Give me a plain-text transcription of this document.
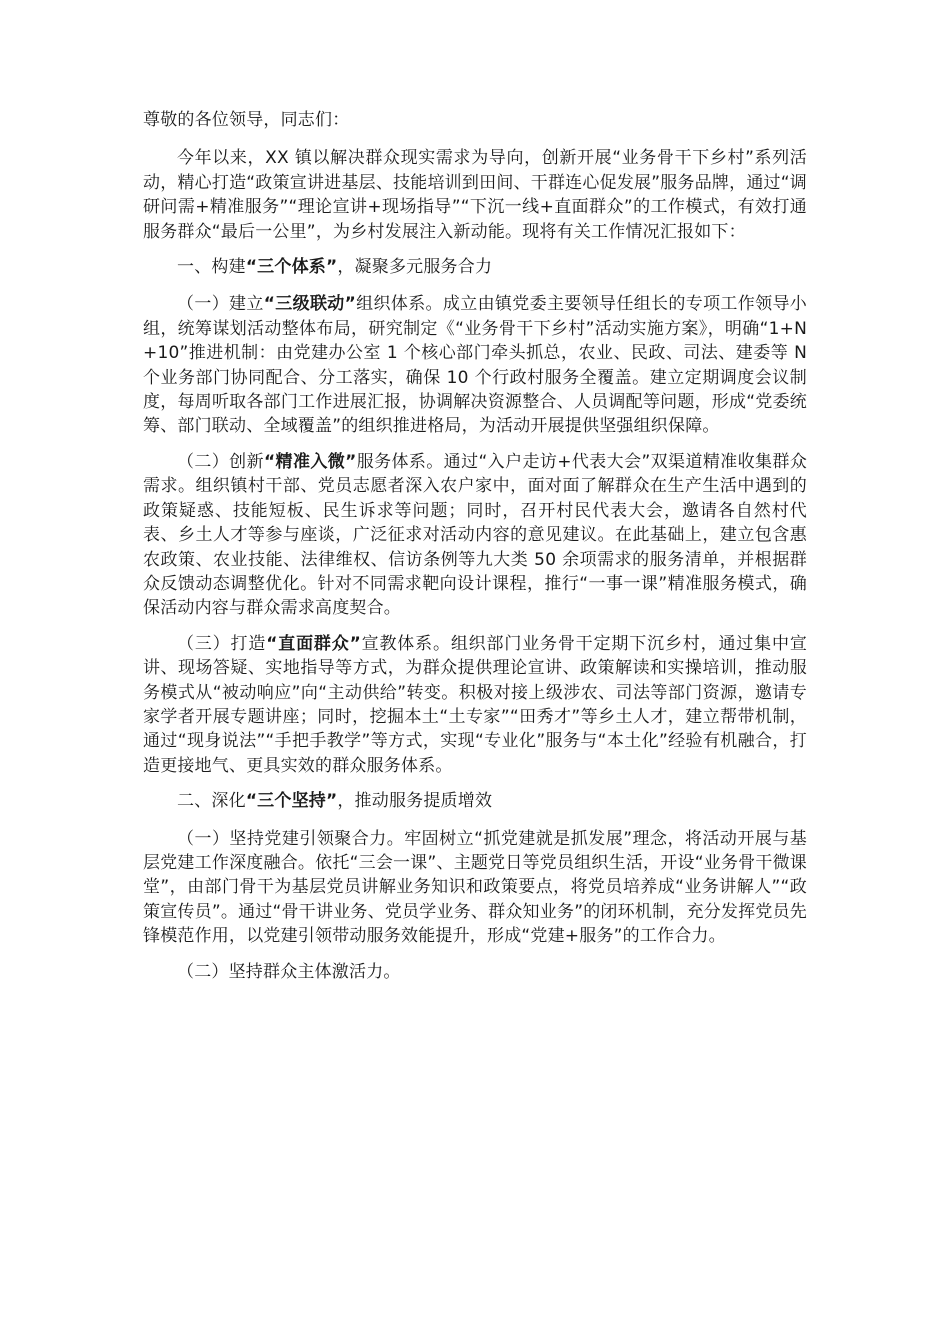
尊敬的各位领导，同志们：

今年以来，XX 镇以解决群众现实需求为导向，创新开展“业务骨干下乡村”系列活动，精心打造“政策宣讲进基层、技能培训到田间、干群连心促发展”服务品牌，通过“调研问需+精准服务”“理论宣讲+现场指导”“下沉一线+直面群众”的工作模式，有效打通服务群众“最后一公里”，为乡村发展注入新动能。现将有关工作情况汇报如下：

一、构建“三个体系”，凝聚多元服务合力

（一）建立“三级联动”组织体系。成立由镇党委主要领导任组长的专项工作领导小组，统筹谋划活动整体布局，研究制定《“业务骨干下乡村”活动实施方案》，明确“1+N+10”推进机制：由党建办公室 1 个核心部门牵头抓总，农业、民政、司法、建委等 N 个业务部门协同配合、分工落实，确保 10 个行政村服务全覆盖。建立定期调度会议制度，每周听取各部门工作进展汇报，协调解决资源整合、人员调配等问题，形成“党委统筹、部门联动、全域覆盖”的组织推进格局，为活动开展提供坚强组织保障。

（二）创新“精准入微”服务体系。通过“入户走访+代表大会”双渠道精准收集群众需求。组织镇村干部、党员志愿者深入农户家中，面对面了解群众在生产生活中遇到的政策疑惑、技能短板、民生诉求等问题；同时，召开村民代表大会，邀请各自然村代表、乡土人才等参与座谈，广泛征求对活动内容的意见建议。在此基础上，建立包含惠农政策、农业技能、法律维权、信访条例等九大类 50 余项需求的服务清单，并根据群众反馈动态调整优化。针对不同需求靶向设计课程，推行“一事一课”精准服务模式，确保活动内容与群众需求高度契合。

（三）打造“直面群众”宣教体系。组织部门业务骨干定期下沉乡村，通过集中宣讲、现场答疑、实地指导等方式，为群众提供理论宣讲、政策解读和实操培训，推动服务模式从“被动响应”向“主动供给”转变。积极对接上级涉农、司法等部门资源，邀请专家学者开展专题讲座；同时，挖掘本土“土专家”“田秀才”等乡土人才，建立帮带机制，通过“现身说法”“手把手教学”等方式，实现“专业化”服务与“本土化”经验有机融合，打造更接地气、更具实效的群众服务体系。

二、深化“三个坚持”，推动服务提质增效

（一）坚持党建引领聚合力。牢固树立“抓党建就是抓发展”理念，将活动开展与基层党建工作深度融合。依托“三会一课”、主题党日等党员组织生活，开设“业务骨干微课堂”，由部门骨干为基层党员讲解业务知识和政策要点，将党员培养成“业务讲解人”“政策宣传员”。通过“骨干讲业务、党员学业务、群众知业务”的闭环机制，充分发挥党员先锋模范作用，以党建引领带动服务效能提升，形成“党建+服务”的工作合力。

（二）坚持群众主体激活力。
